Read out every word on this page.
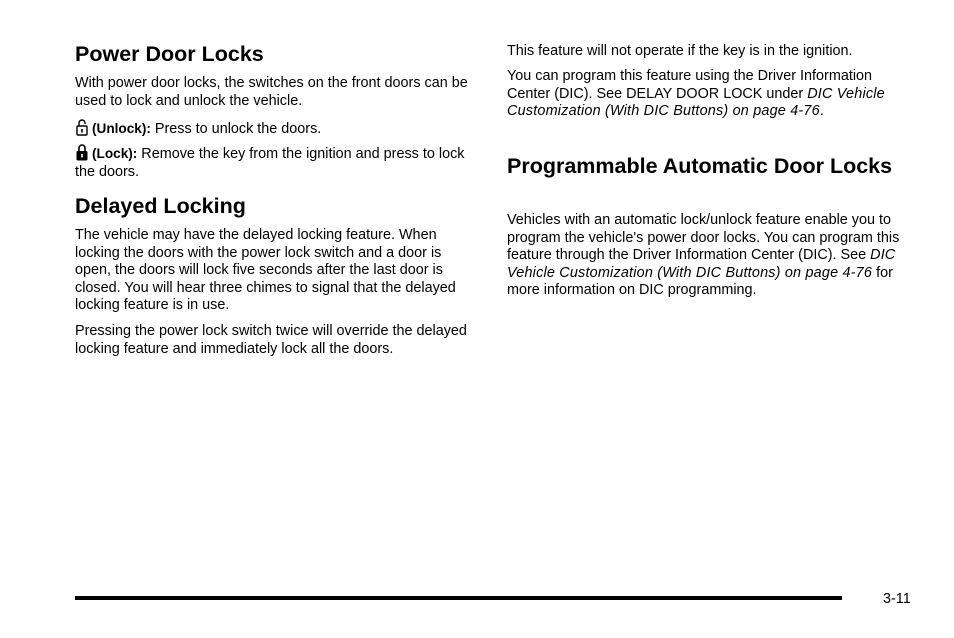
Power Door Locks

With power door locks, the switches on the front doors can be used to lock and unlock the vehicle.

(Unlock): Press to unlock the doors.

(Lock): Remove the key from the ignition and press to lock the doors.

Delayed Locking

The vehicle may have the delayed locking feature. When locking the doors with the power lock switch and a door is open, the doors will lock five seconds after the last door is closed. You will hear three chimes to signal that the delayed locking feature is in use.

Pressing the power lock switch twice will override the delayed locking feature and immediately lock all the doors.

This feature will not operate if the key is in the ignition.

You can program this feature using the Driver Information Center (DIC). See DELAY DOOR LOCK under DIC Vehicle Customization (With DIC Buttons) on page 4‑76.

Programmable Automatic Door Locks

Vehicles with an automatic lock/unlock feature enable you to program the vehicle's power door locks. You can program this feature through the Driver Information Center (DIC). See DIC Vehicle Customization (With DIC Buttons) on page 4‑76 for more information on DIC programming.

3-11
